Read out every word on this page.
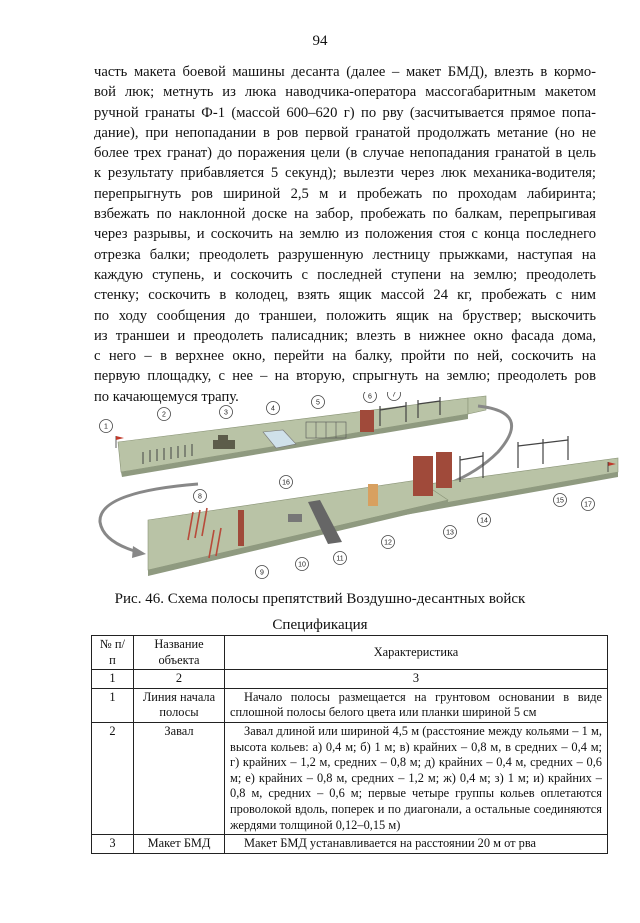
94

часть макета боевой машины десанта (далее – макет БМД), влезть в кормо-

вой люк; метнуть из люка наводчика-оператора массогабаритным макетом

ручной гранаты Ф-1 (массой 600–620 г) по рву (засчитывается прямое попа-

дание), при непопадании в ров первой гранатой продолжать метание (но не

более трех гранат) до поражения цели (в случае непопадания гранатой в цель

к результату прибавляется 5 секунд); вылезти через люк механика-водителя;

перепрыгнуть ров шириной 2,5 м и пробежать по проходам лабиринта;

взбежать по наклонной доске на забор, пробежать по балкам, перепрыгивая

через разрывы, и соскочить на землю из положения стоя с конца последнего

отрезка балки; преодолеть разрушенную лестницу прыжками, наступая на

каждую ступень, и соскочить с последней ступени на землю; преодолеть

стенку; соскочить в колодец, взять ящик массой 24 кг, пробежать с ним

по ходу сообщения до траншеи, положить ящик на бруствер; выскочить

из траншеи и преодолеть палисадник; влезть в нижнее окно фасада дома,

с него – в верхнее окно, перейти на балку, пройти по ней, соскочить на

первую площадку, с нее – на вторую, спрыгнуть на землю; преодолеть ров

по качающемуся трапу.

1
2	3
4
5
6	7
8
9
10
11
12
13
14
15
16
17
Рис. 46. Схема полосы препятствий Воздушно-десантных войск
Спецификация
№ п/п	Название объекта	Характеристика
1	2	3
1	Линия начала полосы	Начало полосы размещается на грунтовом основании в виде сплошной полосы белого цвета или планки шириной 5 см
2	Завал	Завал длиной или шириной 4,5 м (расстояние между кольями – 1 м, высота кольев: а) 0,4 м; б) 1 м; в) крайних – 0,8 м, в средних – 0,4 м; г) крайних – 1,2 м, средних – 0,8 м; д) крайних – 0,4 м, средних – 0,6 м; е) крайних – 0,8 м, средних – 1,2 м; ж) 0,4 м; з) 1 м; и) крайних – 0,8 м, средних – 0,6 м; первые четыре группы кольев оплетаются проволокой вдоль, поперек и по диагонали, а остальные соединяются жердями толщиной 0,12–0,15 м)
3	Макет БМД	Макет БМД устанавливается на расстоянии 20 м от рва
